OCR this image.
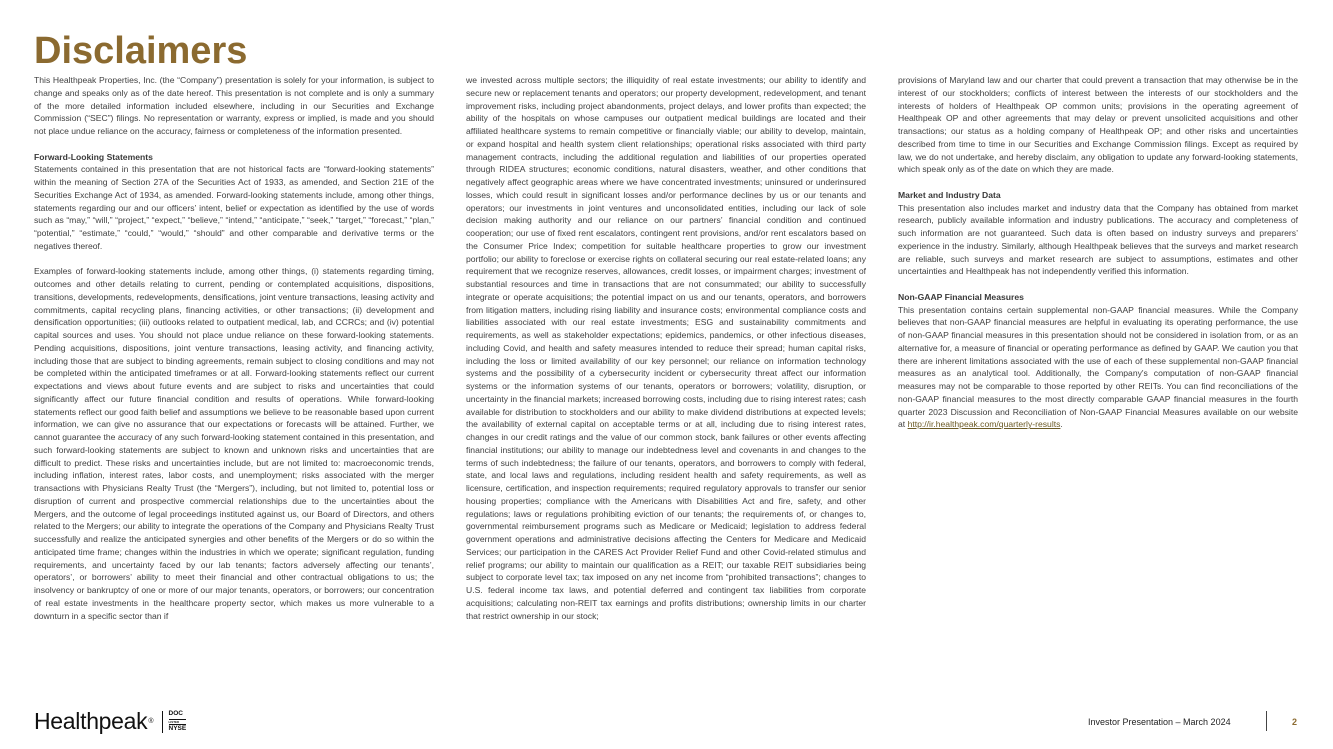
Disclaimers

This Healthpeak Properties, Inc. (the “Company”) presentation is solely for your information, is subject to change and speaks only as of the date hereof. This presentation is not complete and is only a summary of the more detailed information included elsewhere, including in our Securities and Exchange Commission (“SEC”) filings. No representation or warranty, express or implied, is made and you should not place undue reliance on the accuracy, fairness or completeness of the information presented.

Forward-Looking Statements

Statements contained in this presentation that are not historical facts are “forward-looking statements” within the meaning of Section 27A of the Securities Act of 1933, as amended, and Section 21E of the Securities Exchange Act of 1934, as amended. Forward-looking statements include, among other things, statements regarding our and our officers’ intent, belief or expectation as identified by the use of words such as “may,” “will,” “project,” “expect,” “believe,” “intend,” “anticipate,” “seek,” “target,” “forecast,” “plan,” “potential,” “estimate,” “could,” “would,” “should” and other comparable and derivative terms or the negatives thereof.

Examples of forward-looking statements include, among other things, (i) statements regarding timing, outcomes and other details relating to current, pending or contemplated acquisitions, dispositions, transitions, developments, redevelopments, densifications, joint venture transactions, leasing activity and commitments, capital recycling plans, financing activities, or other transactions; (ii) development and densification opportunities; (iii) outlooks related to outpatient medical, lab, and CCRCs; and (iv) potential capital sources and uses. You should not place undue reliance on these forward-looking statements. Pending acquisitions, dispositions, joint venture transactions, leasing activity, and financing activity, including those that are subject to binding agreements, remain subject to closing conditions and may not be completed within the anticipated timeframes or at all. Forward-looking statements reflect our current expectations and views about future events and are subject to risks and uncertainties that could significantly affect our future financial condition and results of operations. While forward-looking statements reflect our good faith belief and assumptions we believe to be reasonable based upon current information, we can give no assurance that our expectations or forecasts will be attained. Further, we cannot guarantee the accuracy of any such forward-looking statement contained in this presentation, and such forward-looking statements are subject to known and unknown risks and uncertainties that are difficult to predict. These risks and uncertainties include, but are not limited to: macroeconomic trends, including inflation, interest rates, labor costs, and unemployment; risks associated with the merger transactions with Physicians Realty Trust (the “Mergers”), including, but not limited to, potential loss or disruption of current and prospective commercial relationships due to the uncertainties about the Mergers, and the outcome of legal proceedings instituted against us, our Board of Directors, and others related to the Mergers; our ability to integrate the operations of the Company and Physicians Realty Trust successfully and realize the anticipated synergies and other benefits of the Mergers or do so within the anticipated time frame; changes within the industries in which we operate; significant regulation, funding requirements, and uncertainty faced by our lab tenants; factors adversely affecting our tenants’, operators’, or borrowers’ ability to meet their financial and other contractual obligations to us; the insolvency or bankruptcy of one or more of our major tenants, operators, or borrowers; our concentration of real estate investments in the healthcare property sector, which makes us more vulnerable to a downturn in a specific sector than if

we invested across multiple sectors; the illiquidity of real estate investments; our ability to identify and secure new or replacement tenants and operators; our property development, redevelopment, and tenant improvement risks, including project abandonments, project delays, and lower profits than expected; the ability of the hospitals on whose campuses our outpatient medical buildings are located and their affiliated healthcare systems to remain competitive or financially viable; our ability to develop, maintain, or expand hospital and health system client relationships; operational risks associated with third party management contracts, including the additional regulation and liabilities of our properties operated through RIDEA structures; economic conditions, natural disasters, weather, and other conditions that negatively affect geographic areas where we have concentrated investments; uninsured or underinsured losses, which could result in significant losses and/or performance declines by us or our tenants and operators; our investments in joint ventures and unconsolidated entities, including our lack of sole decision making authority and our reliance on our partners’ financial condition and continued cooperation; our use of fixed rent escalators, contingent rent provisions, and/or rent escalators based on the Consumer Price Index; competition for suitable healthcare properties to grow our investment portfolio; our ability to foreclose or exercise rights on collateral securing our real estate-related loans; any requirement that we recognize reserves, allowances, credit losses, or impairment charges; investment of substantial resources and time in transactions that are not consummated; our ability to successfully integrate or operate acquisitions; the potential impact on us and our tenants, operators, and borrowers from litigation matters, including rising liability and insurance costs; environmental compliance costs and liabilities associated with our real estate investments; ESG and sustainability commitments and requirements, as well as stakeholder expectations; epidemics, pandemics, or other infectious diseases, including Covid, and health and safety measures intended to reduce their spread; human capital risks, including the loss or limited availability of our key personnel; our reliance on information technology systems and the possibility of a cybersecurity incident or cybersecurity threat affect our information systems or the information systems of our tenants, operators or borrowers; volatility, disruption, or uncertainty in the financial markets; increased borrowing costs, including due to rising interest rates; cash available for distribution to stockholders and our ability to make dividend distributions at expected levels; the availability of external capital on acceptable terms or at all, including due to rising interest rates, changes in our credit ratings and the value of our common stock, bank failures or other events affecting financial institutions; our ability to manage our indebtedness level and covenants in and changes to the terms of such indebtedness; the failure of our tenants, operators, and borrowers to comply with federal, state, and local laws and regulations, including resident health and safety requirements, as well as licensure, certification, and inspection requirements; required regulatory approvals to transfer our senior housing properties; compliance with the Americans with Disabilities Act and fire, safety, and other regulations; laws or regulations prohibiting eviction of our tenants; the requirements of, or changes to, governmental reimbursement programs such as Medicare or Medicaid; legislation to address federal government operations and administrative decisions affecting the Centers for Medicare and Medicaid Services; our participation in the CARES Act Provider Relief Fund and other Covid-related stimulus and relief programs; our ability to maintain our qualification as a REIT; our taxable REIT subsidiaries being subject to corporate level tax; tax imposed on any net income from “prohibited transactions”; changes to U.S. federal income tax laws, and potential deferred and contingent tax liabilities from corporate acquisitions; calculating non-REIT tax earnings and profits distributions; ownership limits in our charter that restrict ownership in our stock;

provisions of Maryland law and our charter that could prevent a transaction that may otherwise be in the interest of our stockholders; conflicts of interest between the interests of our stockholders and the interests of holders of Healthpeak OP common units; provisions in the operating agreement of Healthpeak OP and other agreements that may delay or prevent unsolicited acquisitions and other transactions; our status as a holding company of Healthpeak OP; and other risks and uncertainties described from time to time in our Securities and Exchange Commission filings. Except as required by law, we do not undertake, and hereby disclaim, any obligation to update any forward-looking statements, which speak only as of the date on which they are made.

Market and Industry Data

This presentation also includes market and industry data that the Company has obtained from market research, publicly available information and industry publications. The accuracy and completeness of such information are not guaranteed. Such data is often based on industry surveys and preparers’ experience in the industry. Similarly, although Healthpeak believes that the surveys and market research are reliable, such surveys and market research are subject to assumptions, estimates and other uncertainties and Healthpeak has not independently verified this information.

Non-GAAP Financial Measures

This presentation contains certain supplemental non-GAAP financial measures. While the Company believes that non-GAAP financial measures are helpful in evaluating its operating performance, the use of non-GAAP financial measures in this presentation should not be considered in isolation from, or as an alternative for, a measure of financial or operating performance as defined by GAAP. We caution you that there are inherent limitations associated with the use of each of these supplemental non-GAAP financial measures as an analytical tool. Additionally, the Company's computation of non-GAAP financial measures may not be comparable to those reported by other REITs. You can find reconciliations of the non-GAAP financial measures to the most directly comparable GAAP financial measures in the fourth quarter 2023 Discussion and Reconciliation of Non-GAAP Financial Measures available on our website at http://ir.healthpeak.com/quarterly-results.

Healthpeak ®
DOC
LISTED
NYSE
Investor Presentation – March 2024	2
